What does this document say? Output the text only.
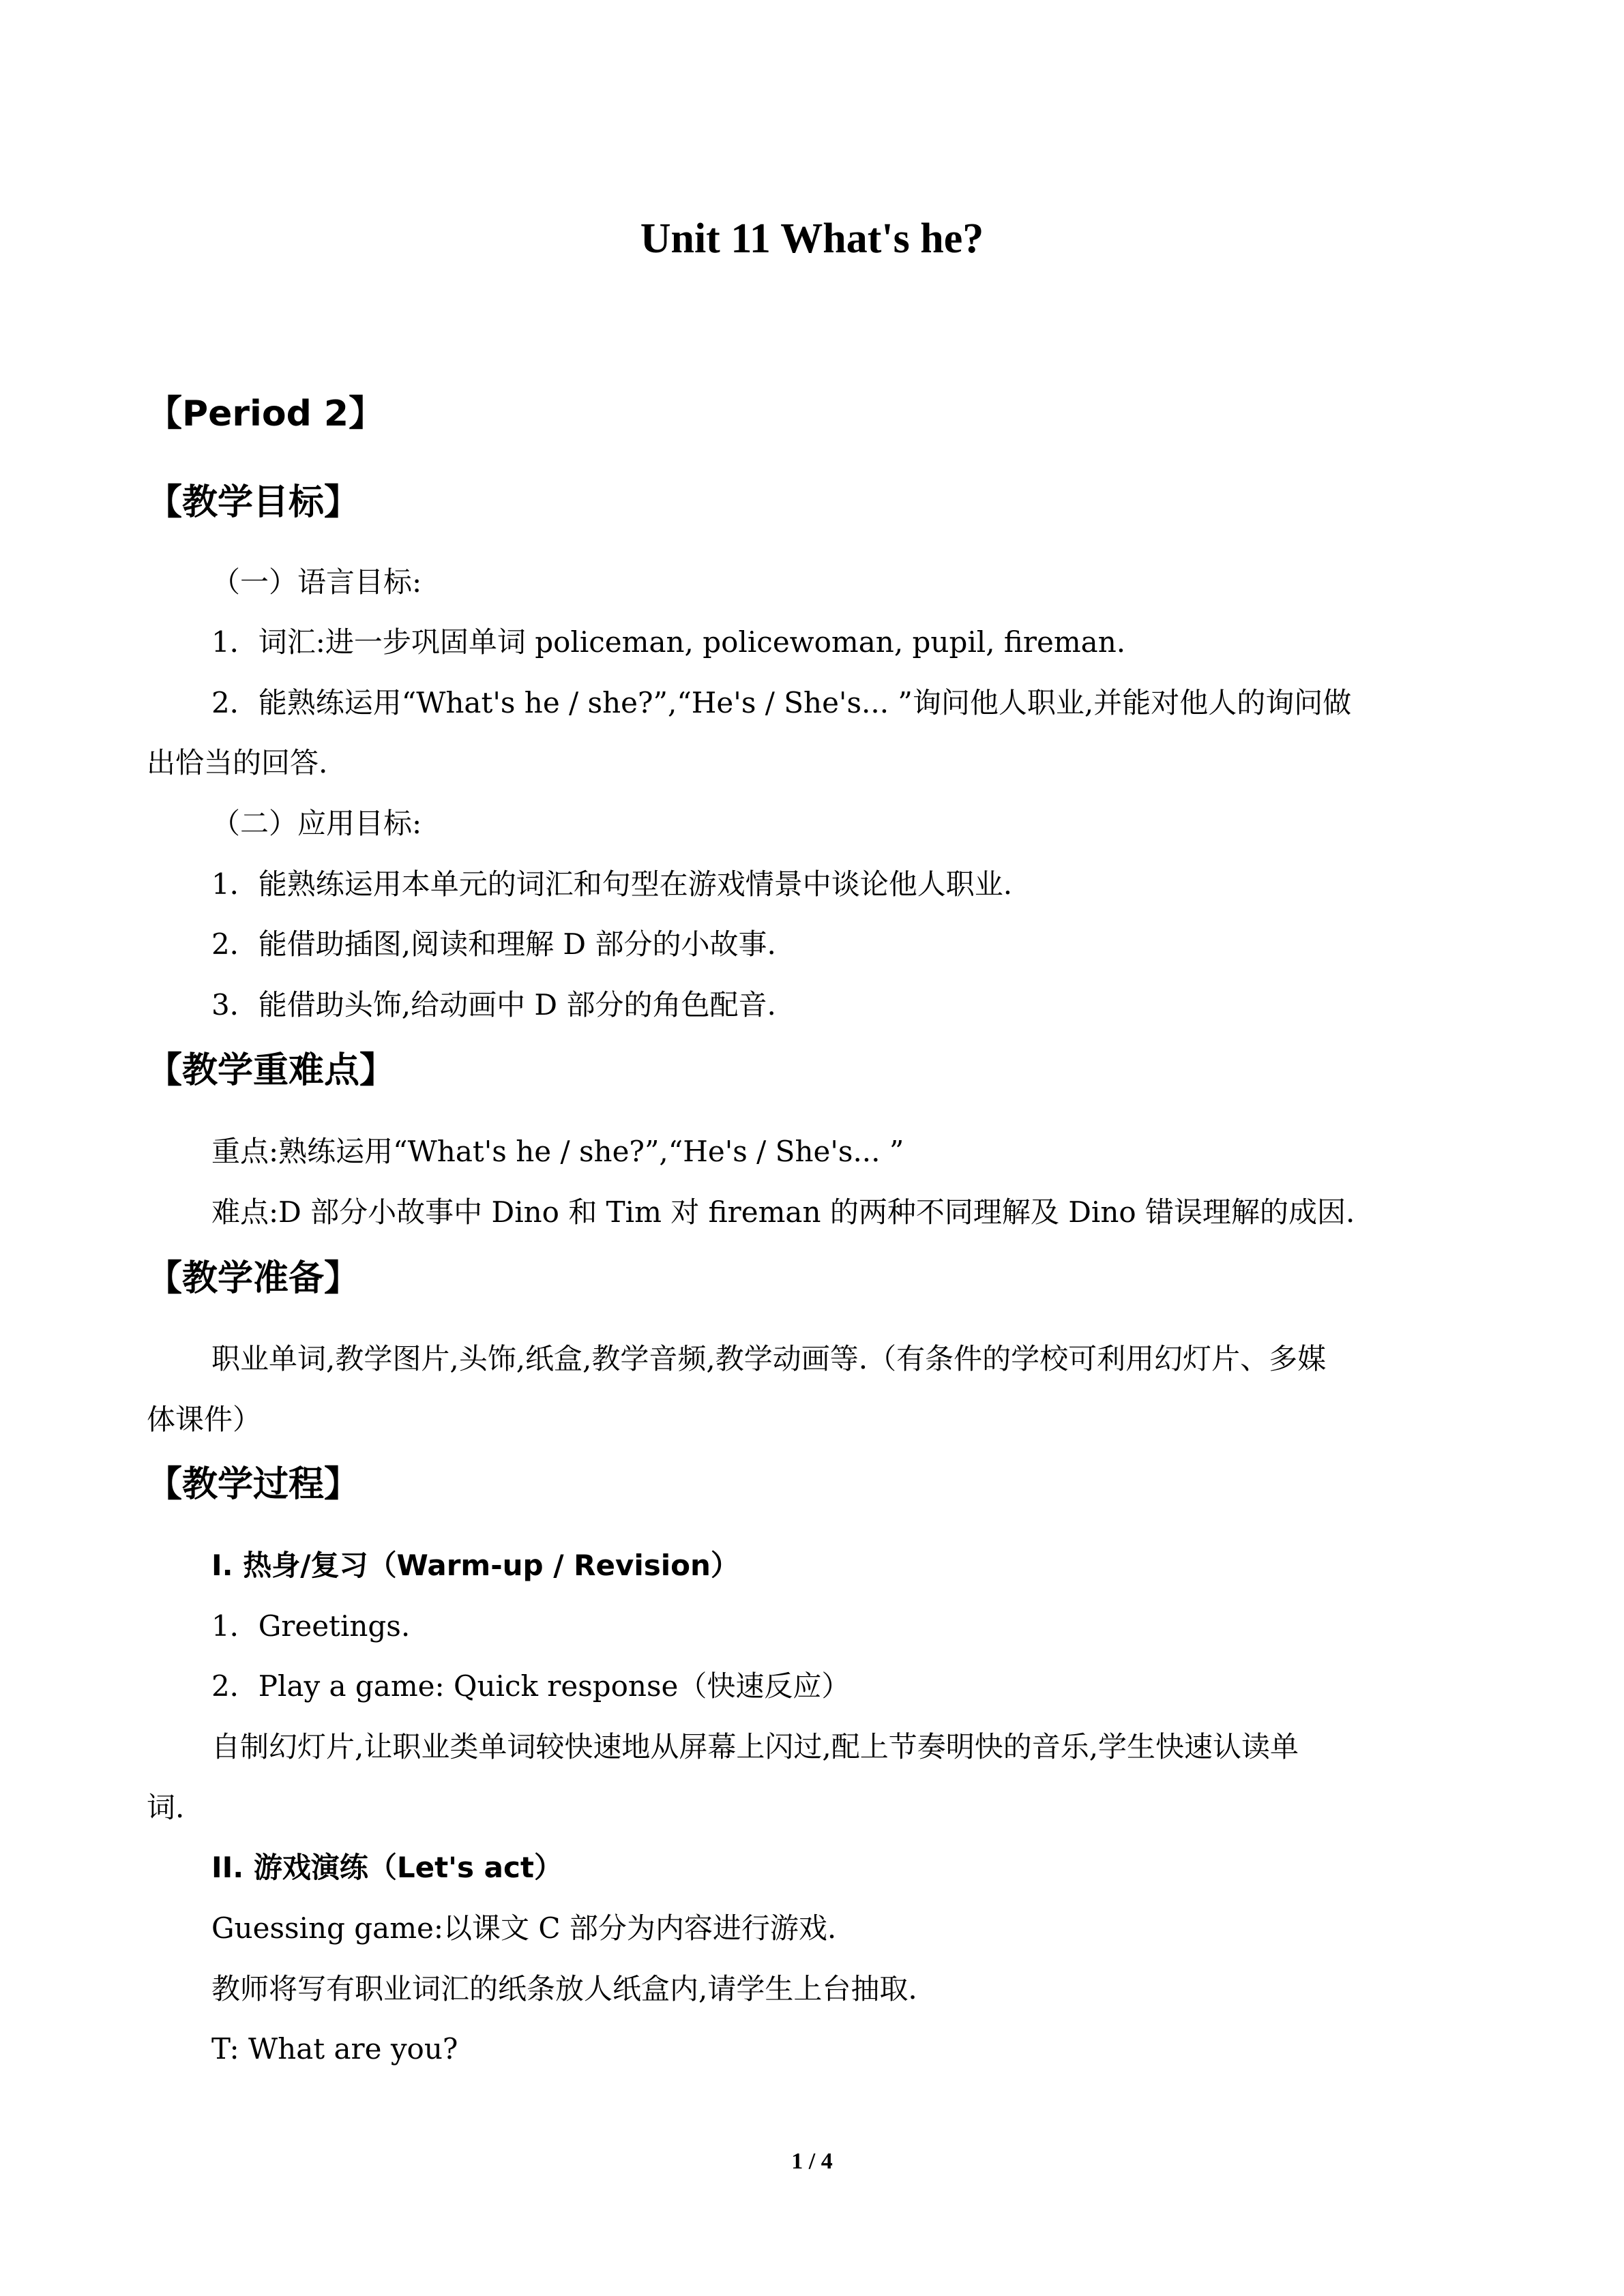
Unit 11 What's he?
【Period 2】
【教学目标】
（一）语言目标:
1．词汇:进一步巩固单词 policeman, policewoman, pupil, fireman.
2．能熟练运用“What's he / she?”,“He's / She's... ”询问他人职业,并能对他人的询问做
出恰当的回答.
（二）应用目标:
1．能熟练运用本单元的词汇和句型在游戏情景中谈论他人职业.
2．能借助插图,阅读和理解 D 部分的小故事.
3．能借助头饰,给动画中 D 部分的角色配音.
【教学重难点】
重点:熟练运用“What's he / she?”,“He's / She's... ”
难点:D 部分小故事中 Dino 和 Tim 对 fireman 的两种不同理解及 Dino 错误理解的成因.
【教学准备】
职业单词,教学图片,头饰,纸盒,教学音频,教学动画等.（有条件的学校可利用幻灯片、多媒
体课件）
【教学过程】
I. 热身/复习（Warm-up / Revision）
1．Greetings.
2．Play a game: Quick response（快速反应）
自制幻灯片,让职业类单词较快速地从屏幕上闪过,配上节奏明快的音乐,学生快速认读单
词.
II. 游戏演练（Let's act）
Guessing game:以课文 C 部分为内容进行游戏.
教师将写有职业词汇的纸条放人纸盒内,请学生上台抽取.
T: What are you?
1 / 4
